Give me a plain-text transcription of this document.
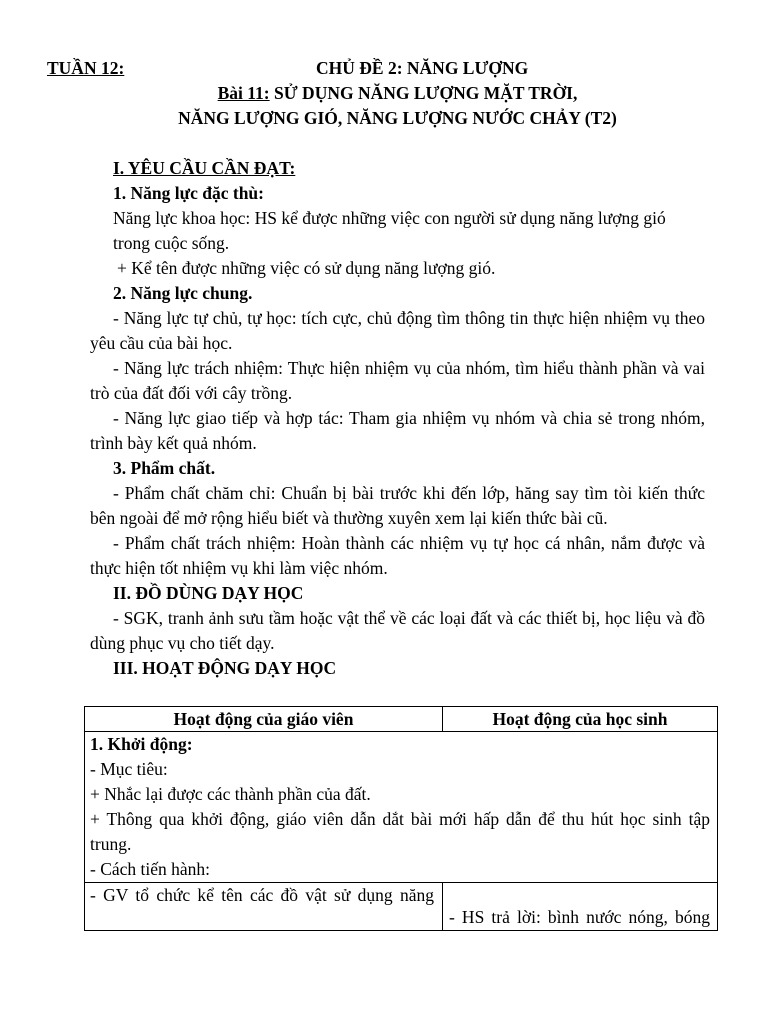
TUẦN 12:	CHỦ ĐỀ 2: NĂNG LƯỢNG
Bài 11: SỬ DỤNG NĂNG LƯỢNG MẶT TRỜI,
NĂNG LƯỢNG GIÓ, NĂNG LƯỢNG NƯỚC CHẢY (T2)
I. YÊU CẦU CẦN ĐẠT:
1. Năng lực đặc thù:
Năng lực khoa học: HS kể được những việc con người sử dụng năng lượng gió
trong cuộc sống.
+ Kể tên được những việc có sử dụng năng lượng gió.
2. Năng lực chung.
- Năng lực tự chủ, tự học: tích cực, chủ động tìm thông tin thực hiện nhiệm vụ theo
yêu cầu của bài học.
- Năng lực trách nhiệm: Thực hiện nhiệm vụ của nhóm, tìm hiểu thành phần và vai
trò của đất đối với cây trồng.
- Năng lực giao tiếp và hợp tác: Tham gia nhiệm vụ nhóm và chia sẻ trong nhóm,
trình bày kết quả nhóm.
3. Phẩm chất.
- Phẩm chất chăm chỉ: Chuẩn bị bài trước khi đến lớp, hăng say tìm tòi kiến thức
bên ngoài để mở rộng hiểu biết và thường xuyên xem lại kiến thức bài cũ.
- Phẩm chất trách nhiệm: Hoàn thành các nhiệm vụ tự học cá nhân, nắm được và
thực hiện tốt nhiệm vụ khi làm việc nhóm.
II. ĐỒ DÙNG DẠY HỌC
- SGK, tranh ảnh sưu tầm hoặc vật thể về các loại đất và các thiết bị, học liệu và đồ
dùng phục vụ cho tiết dạy.
III. HOẠT ĐỘNG DẠY HỌC
Hoạt động của giáo viên	Hoạt động của học sinh
1. Khởi động:
- Mục tiêu:
+ Nhắc lại được các thành phần của đất.
+ Thông qua khởi động, giáo viên dẫn dắt bài mới hấp dẫn để thu hút học sinh tập
trung.
- Cách tiến hành:
- GV tổ chức kể tên các đồ vật sử dụng năng
- HS trả lời: bình nước nóng, bóng
